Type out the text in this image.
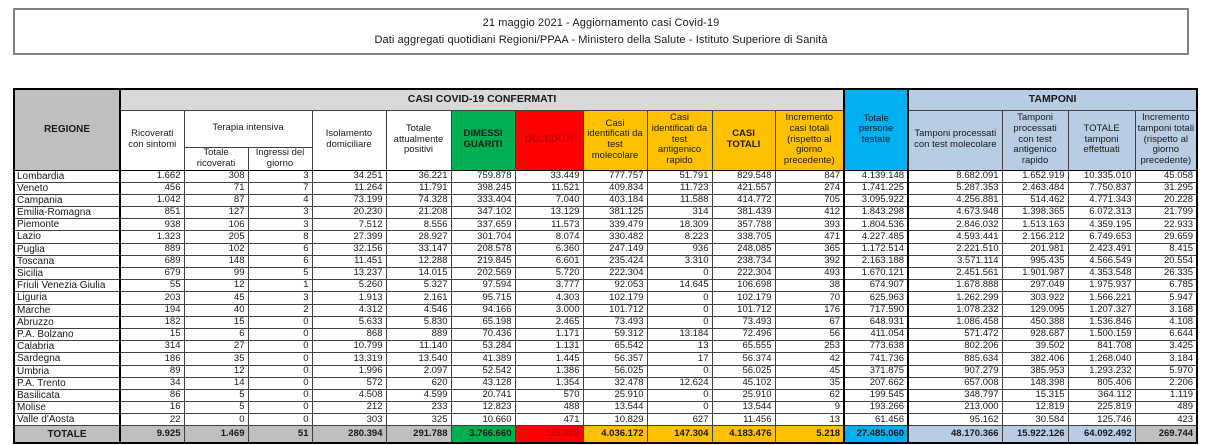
21 maggio 2021 - Aggiornamento casi Covid-19
Dati aggregati quotidiani Regioni/PPAA - Ministero della Salute - Istituto Superiore di Sanità
REGIONE	CASI COVID-19 CONFERMATI											Totale persone testate	TAMPONI			
	Ricoverati con sintomi	Terapia intensiva		Isolamento domiciliare	Totale attualmente positivi	DIMESSI GUARITI	DECEDUTI	Casi identificati da test molecolare	Casi identificati da test antigenico rapido	CASI TOTALI	Incremento casi totali (rispetto al giorno precedente)		Tamponi processati con test molecolare	Tamponi processati con test antigenico rapido	TOTALE tamponi effettuati	Incremento tamponi totali (rispetto al giorno precedente)
		Totale ricoverati	Ingressi del giorno													
Lombardia	1.662	308	3	34.251	36.221	759.878	33.449	777.757	51.791	829.548	847	4.139.148	8.682.091	1.652.919	10.335.010	45.058
Veneto	456	71	7	11.264	11.791	398.245	11.521	409.834	11.723	421.557	274	1.741.225	5.287.353	2.463.484	7.750.837	31.295
Campania	1.042	87	4	73.199	74.328	333.404	7.040	403.184	11.588	414.772	705	3.095.922	4.256.881	514.462	4.771.343	20.228
Emilia-Romagna	851	127	3	20.230	21.208	347.102	13.129	381.125	314	381.439	412	1.843.298	4.673.948	1.398.365	6.072.313	21.799
Piemonte	938	106	3	7.512	8.556	337.659	11.573	339.479	18.309	357.788	393	1.804.536	2.846.032	1.513.163	4.359.195	22.933
Lazio	1.323	205	8	27.399	28.927	301.704	8.074	330.482	8.223	338.705	471	4.227.485	4.593.441	2.156.212	6.749.653	29.659
Puglia	889	102	6	32.156	33.147	208.578	6.360	247.149	936	248.085	365	1.172.514	2.221.510	201.981	2.423.491	8.415
Toscana	689	148	6	11.451	12.288	219.845	6.601	235.424	3.310	238.734	392	2.163.188	3.571.114	995.435	4.566.549	20.554
Sicilia	679	99	5	13.237	14.015	202.569	5.720	222.304	0	222.304	493	1.670.121	2.451.561	1.901.987	4.353.548	26.335
Friuli Venezia Giulia	55	12	1	5.260	5.327	97.594	3.777	92.053	14.645	106.698	38	674.907	1.678.888	297.049	1.975.937	6.785
Liguria	203	45	3	1.913	2.161	95.715	4.303	102.179	0	102.179	70	625.963	1.262.299	303.922	1.566.221	5.947
Marche	194	40	2	4.312	4.546	94.166	3.000	101.712	0	101.712	176	717.590	1.078.232	129.095	1.207.327	3.168
Abruzzo	182	15	0	5.633	5.830	65.198	2.465	73.493	0	73.493	67	648.931	1.086.458	450.388	1.536.846	4.108
P.A. Bolzano	15	6	0	868	889	70.436	1.171	59.312	13.184	72.496	56	411.054	571.472	928.687	1.500.159	6.644
Calabria	314	27	0	10.799	11.140	53.284	1.131	65.542	13	65.555	253	773.638	802.206	39.502	841.708	3.425
Sardegna	186	35	0	13.319	13.540	41.389	1.445	56.357	17	56.374	42	741.736	885.634	382.406	1.268.040	3.184
Umbria	89	12	0	1.996	2.097	52.542	1.386	56.025	0	56.025	45	371.875	907.279	385.953	1.293.232	5.970
P.A. Trento	34	14	0	572	620	43.128	1.354	32.478	12.624	45.102	35	207.662	657.008	148.398	805.406	2.206
Basilicata	86	5	0	4.508	4.599	20.741	570	25.910	0	25.910	62	199.545	348.797	15.315	364.112	1.119
Molise	16	5	0	212	233	12.823	488	13.544	0	13.544	9	193.266	213.000	12.819	225.819	489
Valle d'Aosta	22	0	0	303	325	10.660	471	10.829	627	11.456	13	61.456	95.162	30.584	125.746	423
TOTALE	9.925	1.469	51	280.394	291.788	3.766.660	125.028	4.036.172	147.304	4.183.476	5.218	27.485.060	48.170.366	15.922.126	64.092.492	269.744
